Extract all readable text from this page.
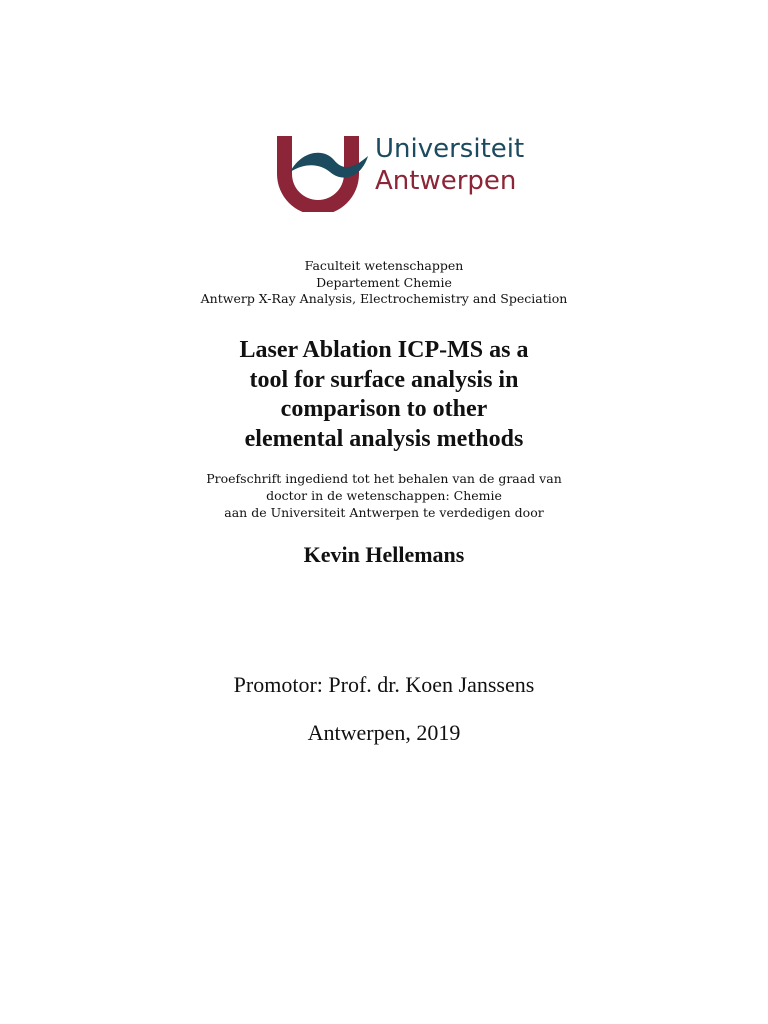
Universiteit
Antwerpen
Faculteit wetenschappen
Departement Chemie
Antwerp X-Ray Analysis, Electrochemistry and Speciation
Laser Ablation ICP-MS as a
tool for surface analysis in
comparison to other
elemental analysis methods
Proefschrift ingediend tot het behalen van de graad van
doctor in de wetenschappen: Chemie
aan de Universiteit Antwerpen te verdedigen door
Kevin Hellemans
Promotor: Prof. dr. Koen Janssens
Antwerpen, 2019
